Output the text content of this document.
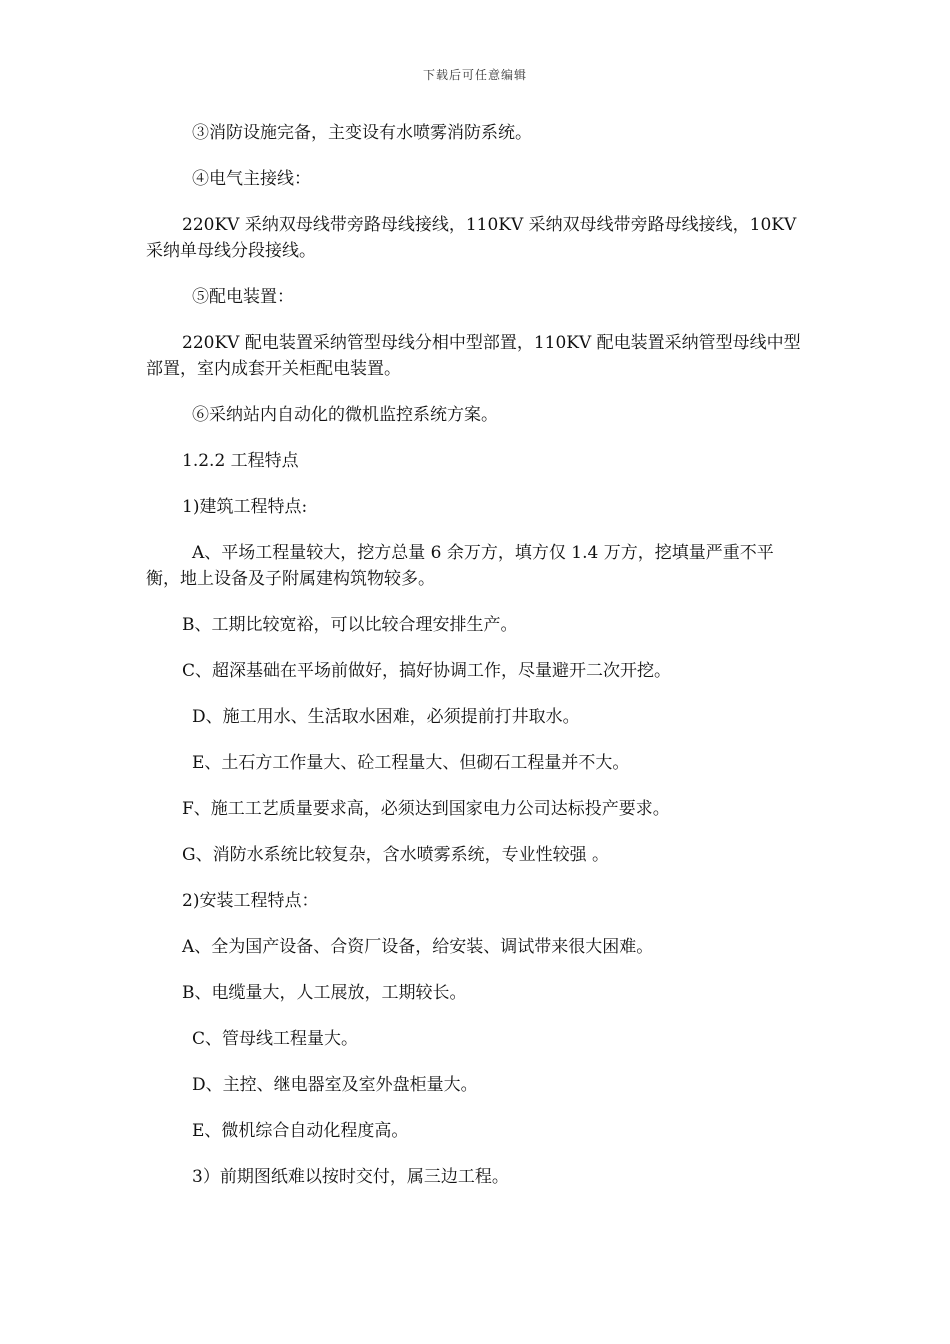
下载后可任意编辑

③消防设施完备，主变设有水喷雾消防系统。

④电气主接线：

220KV 采纳双母线带旁路母线接线，110KV 采纳双母线带旁路母线接线，10KV 采纳单母线分段接线。

⑤配电装置：

220KV 配电装置采纳管型母线分相中型部置，110KV 配电装置采纳管型母线中型部置，室内成套开关柜配电装置。

⑥采纳站内自动化的微机监控系统方案。

1.2.2 工程特点

1)建筑工程特点:

A、平场工程量较大，挖方总量 6 余万方，填方仅 1.4 万方，挖填量严重不平衡，地上设备及子附属建构筑物较多。

B、工期比较宽裕，可以比较合理安排生产。

C、超深基础在平场前做好，搞好协调工作，尽量避开二次开挖。

D、施工用水、生活取水困难，必须提前打井取水。

E、土石方工作量大、砼工程量大、但砌石工程量并不大。

F、施工工艺质量要求高，必须达到国家电力公司达标投产要求。

G、消防水系统比较复杂，含水喷雾系统，专业性较强 。

2)安装工程特点：

A、全为国产设备、合资厂设备，给安装、调试带来很大困难。

B、电缆量大，人工展放，工期较长。

C、管母线工程量大。

D、主控、继电器室及室外盘柜量大。

E、微机综合自动化程度高。

3）前期图纸难以按时交付，属三边工程。
